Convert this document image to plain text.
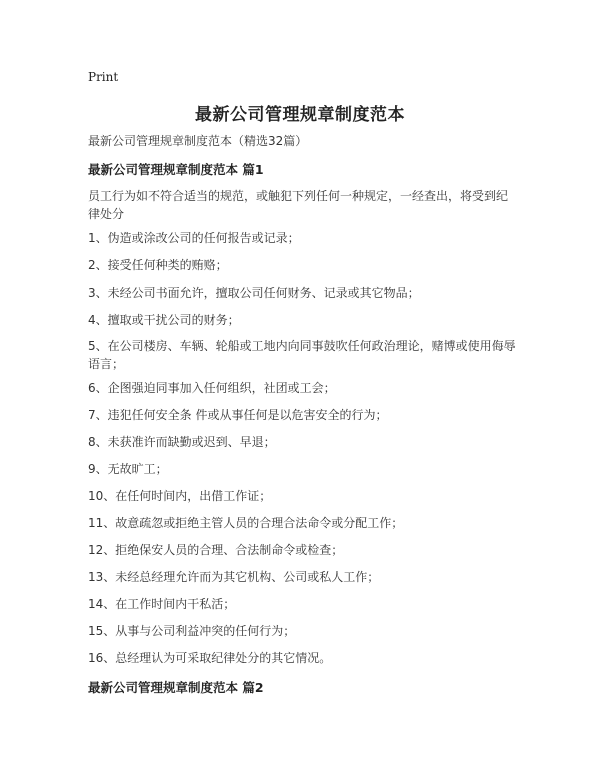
Print
最新公司管理规章制度范本
最新公司管理规章制度范本（精选32篇）
最新公司管理规章制度范本 篇1
员工行为如不符合适当的规范，或触犯下列任何一种规定，一经查出，将受到纪律处分
1、伪造或涂改公司的任何报告或记录；
2、接受任何种类的贿赂；
3、未经公司书面允许，擅取公司任何财务、记录或其它物品；
4、擅取或干扰公司的财务；
5、在公司楼房、车辆、轮船或工地内向同事鼓吹任何政治理论，赌博或使用侮辱语言；
6、企图强迫同事加入任何组织，社团或工会；
7、违犯任何安全条 件或从事任何是以危害安全的行为；
8、未获准许而缺勤或迟到、早退；
9、无故旷工；
10、在任何时间内，出借工作证；
11、故意疏忽或拒绝主管人员的合理合法命令或分配工作；
12、拒绝保安人员的合理、合法制命令或检查；
13、未经总经理允许而为其它机构、公司或私人工作；
14、在工作时间内干私活；
15、从事与公司利益冲突的任何行为；
16、总经理认为可采取纪律处分的其它情况。
最新公司管理规章制度范本 篇2
